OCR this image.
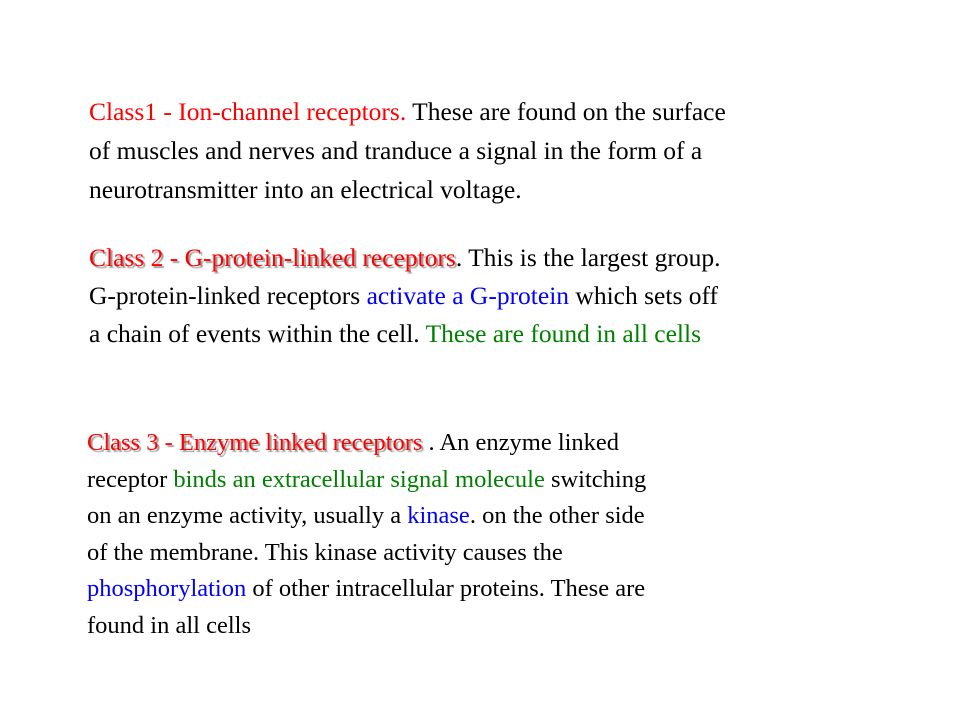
Class1 - Ion-channel receptors. These are found on the surface
of muscles and nerves and tranduce a signal in the form of a
neurotransmitter into an electrical voltage.
Class 2 - G-protein-linked receptors. This is the largest group.
G-protein-linked receptors activate a G-protein which sets off
a chain of events within the cell. These are found in all cells
Class 3 - Enzyme linked receptors . An enzyme linked
receptor binds an extracellular signal molecule switching
on an enzyme activity, usually a kinase. on the other side
of the membrane. This kinase activity causes the
phosphorylation of other intracellular proteins. These are
found in all cells
